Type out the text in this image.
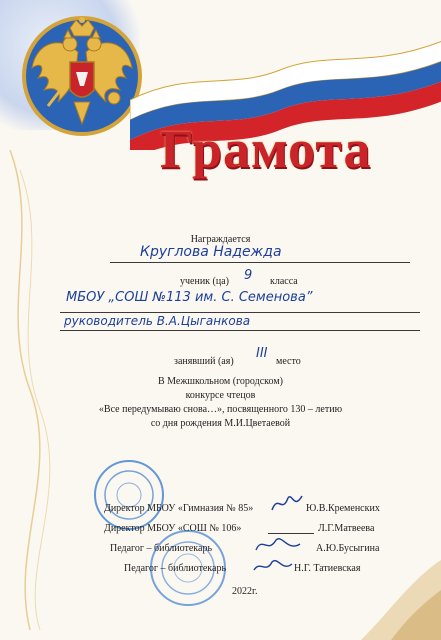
Грамота
Награждается
Круглова Надежда
ученик (ца) 9 класса
МБОУ „СОШ №113 им. С. Семенова”
руководитель В.А.Цыганкова
занявший (ая)
III
место
В Межшкольном (городском)
конкурсе чтецов
«Все передумываю снова…», посвященного 130 – летию
со дня рождения М.И.Цветаевой
Директор МБОУ «Гимназия № 85»	Ю.В.Кременских
Директор МБОУ «СОШ № 106»	Л.Г.Матвеева
Педагог – библиотекарь	А.Ю.Бусыгина
Педагог – библиотекарь	Н.Г. Татиевская
2022г.
